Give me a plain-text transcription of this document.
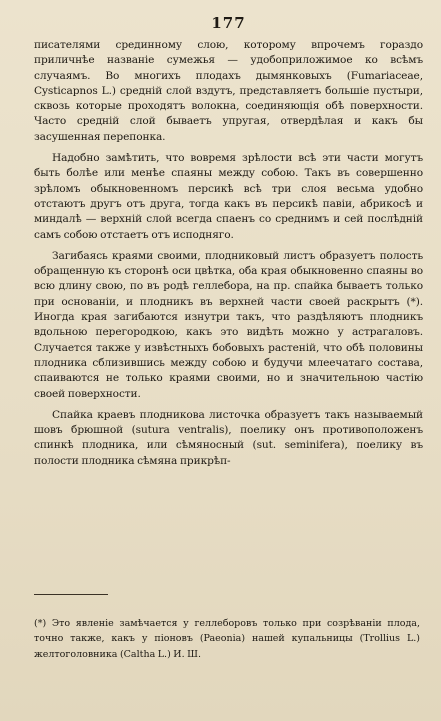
177

писателями срединному слою, которому впрочемъ гораздо приличнѣе названіе сумежья — удобоприложимое ко всѣмъ случаямъ. Во многихъ плодахъ дымянковыхъ (Fumariaceae, Cysticapnos L.) средній слой вздутъ, представляетъ большіе пустыри, сквозь которые проходятъ волокна, соединяющія обѣ поверхности. Часто средній слой бываетъ упругая, отвердѣлая и какъ бы засушенная перепонка.

Надобно замѣтить, что вовремя зрѣлости всѣ эти части могутъ быть болѣе или менѣе спаяны между собою. Такъ въ совершенно зрѣломъ обыкновенномъ персикѣ всѣ три слоя весьма удобно отстаютъ другъ отъ друга, тогда какъ въ персикѣ павіи, абрикосѣ и миндалѣ — верхній слой всегда спаенъ со среднимъ и сей послѣдній самъ собою отстаетъ отъ исподняго.

Загибаясь краями своими, плодниковый листъ образуетъ полость обращенную къ сторонѣ оси цвѣтка, оба края обыкновенно спаяны во всю длину свою, по въ родѣ геллебора, на пр. спайка бываетъ только при основаніи, и плодникъ въ верхней части своей раскрытъ (*). Иногда края загибаются изнутри такъ, что раздѣляютъ плодникъ вдольною перегородкою, какъ это видѣть можно у астрагаловъ. Случается также у извѣстныхъ бобовыхъ растеній, что обѣ половины плодника сблизившись между собою и будучи млеечатаго состава, спаиваются не только краями своими, но и значительною частію своей поверхности.

Спайка краевъ плодникова листочка образуетъ такъ называемый шовъ брюшной (sutura ventralis), поелику онъ противоположенъ спинкѣ плодника, или сѣмяносный (sut. seminifera), поелику въ полости плодника сѣмяна прикрѣп-

(*) Это явленіе замѣчается у геллеборовъ только при созрѣваніи плода, точно также, какъ у піоновъ (Paeonia) нашей купальницы (Trollius L.) желтоголовника (Caltha L.) И. Ш.
